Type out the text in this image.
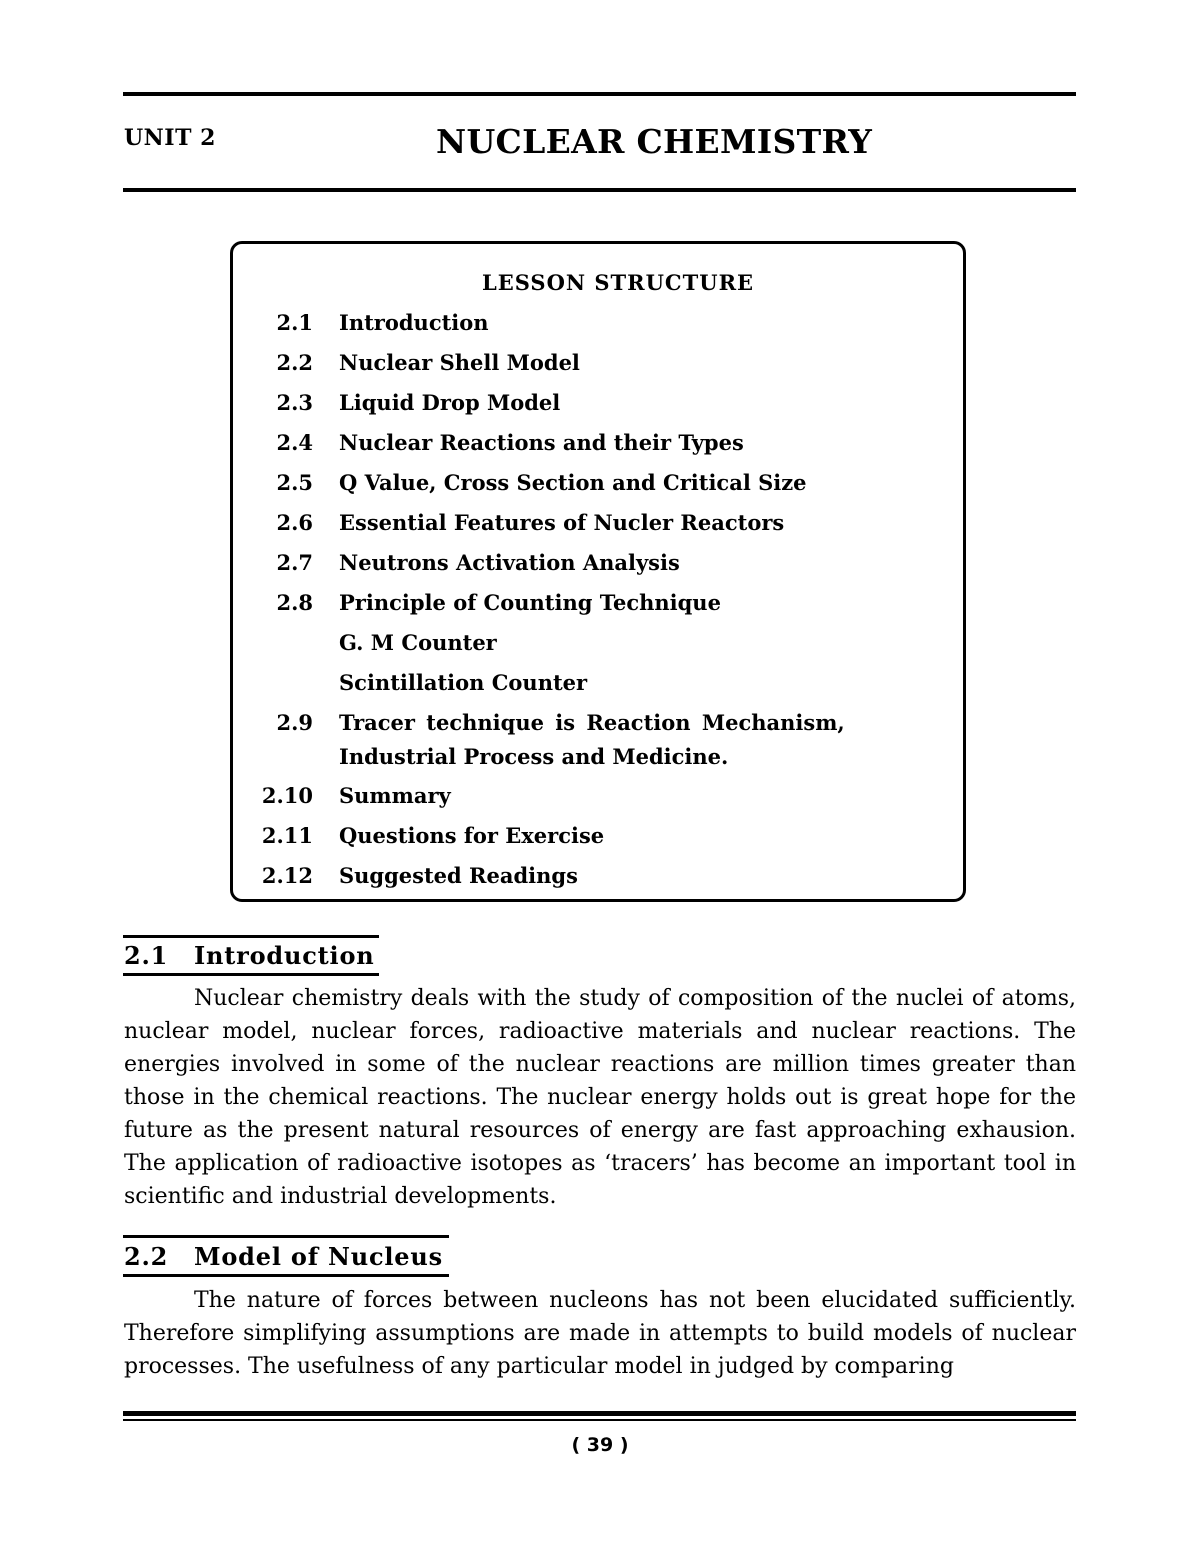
UNIT 2	NUCLEAR CHEMISTRY
LESSON STRUCTURE
2.1 Introduction
2.2 Nuclear Shell Model
2.3 Liquid Drop Model
2.4 Nuclear Reactions and their Types
2.5 Q Value, Cross Section and Critical Size
2.6 Essential Features of Nucler Reactors
2.7 Neutrons Activation Analysis
2.8 Principle of Counting Technique
G. M Counter
Scintillation Counter
2.9 Tracer technique is Reaction Mechanism,
Industrial Process and Medicine.
2.10 Summary
2.11 Questions for Exercise
2.12 Suggested Readings
2.1 Introduction
Nuclear chemistry deals with the study of composition of the nuclei of atoms, nuclear model, nuclear forces, radioactive materials and nuclear reactions. The energies involved in some of the nuclear reactions are million times greater than those in the chemical reactions. The nuclear energy holds out is great hope for the future as the present natural resources of energy are fast approaching exhausion. The application of radioactive isotopes as ‘tracers’ has become an important tool in scientific and industrial developments.
2.2 Model of Nucleus
The nature of forces between nucleons has not been elucidated sufficiently. Therefore simplifying assumptions are made in attempts to build models of nuclear processes. The usefulness of any particular model in judged by comparing
( 39 )
